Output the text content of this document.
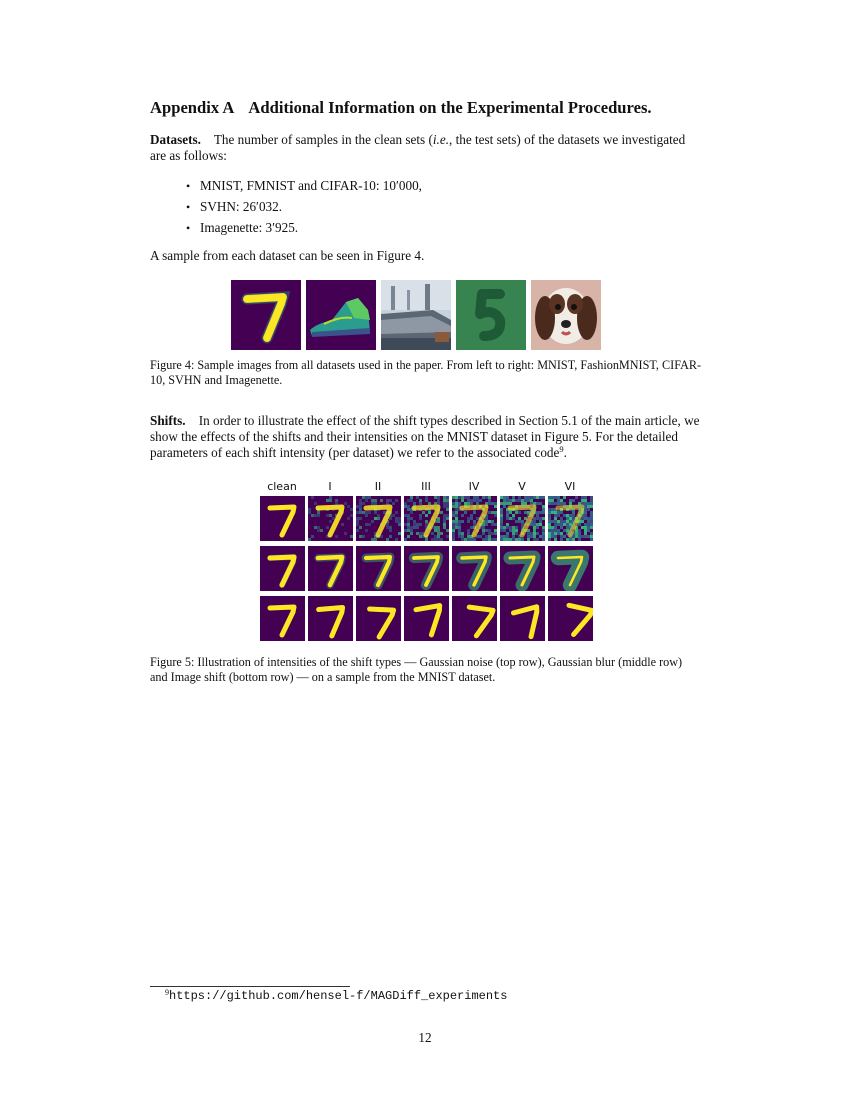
Appendix A Additional Information on the Experimental Procedures.

Datasets. The number of samples in the clean sets (i.e., the test sets) of the datasets we investigated are as follows:

• MNIST, FMNIST and CIFAR-10: 10′000,
• SVHN: 26′032.
• Imagenette: 3′925.

A sample from each dataset can be seen in Figure 4.

Figure 4: Sample images from all datasets used in the paper. From left to right: MNIST, FashionMNIST, CIFAR-10, SVHN and Imagenette.

Shifts. In order to illustrate the effect of the shift types described in Section 5.1 of the main article, we show the effects of the shifts and their intensities on the MNIST dataset in Figure 5. For the detailed parameters of each shift intensity (per dataset) we refer to the associated code$^9$.

clean	I	II	III	IV	V	VI

Figure 5: Illustration of intensities of the shift types — Gaussian noise (top row), Gaussian blur (middle row) and Image shift (bottom row) — on a sample from the MNIST dataset.

$^9$https://github.com/hensel-f/MAGDiff_experiments
12
